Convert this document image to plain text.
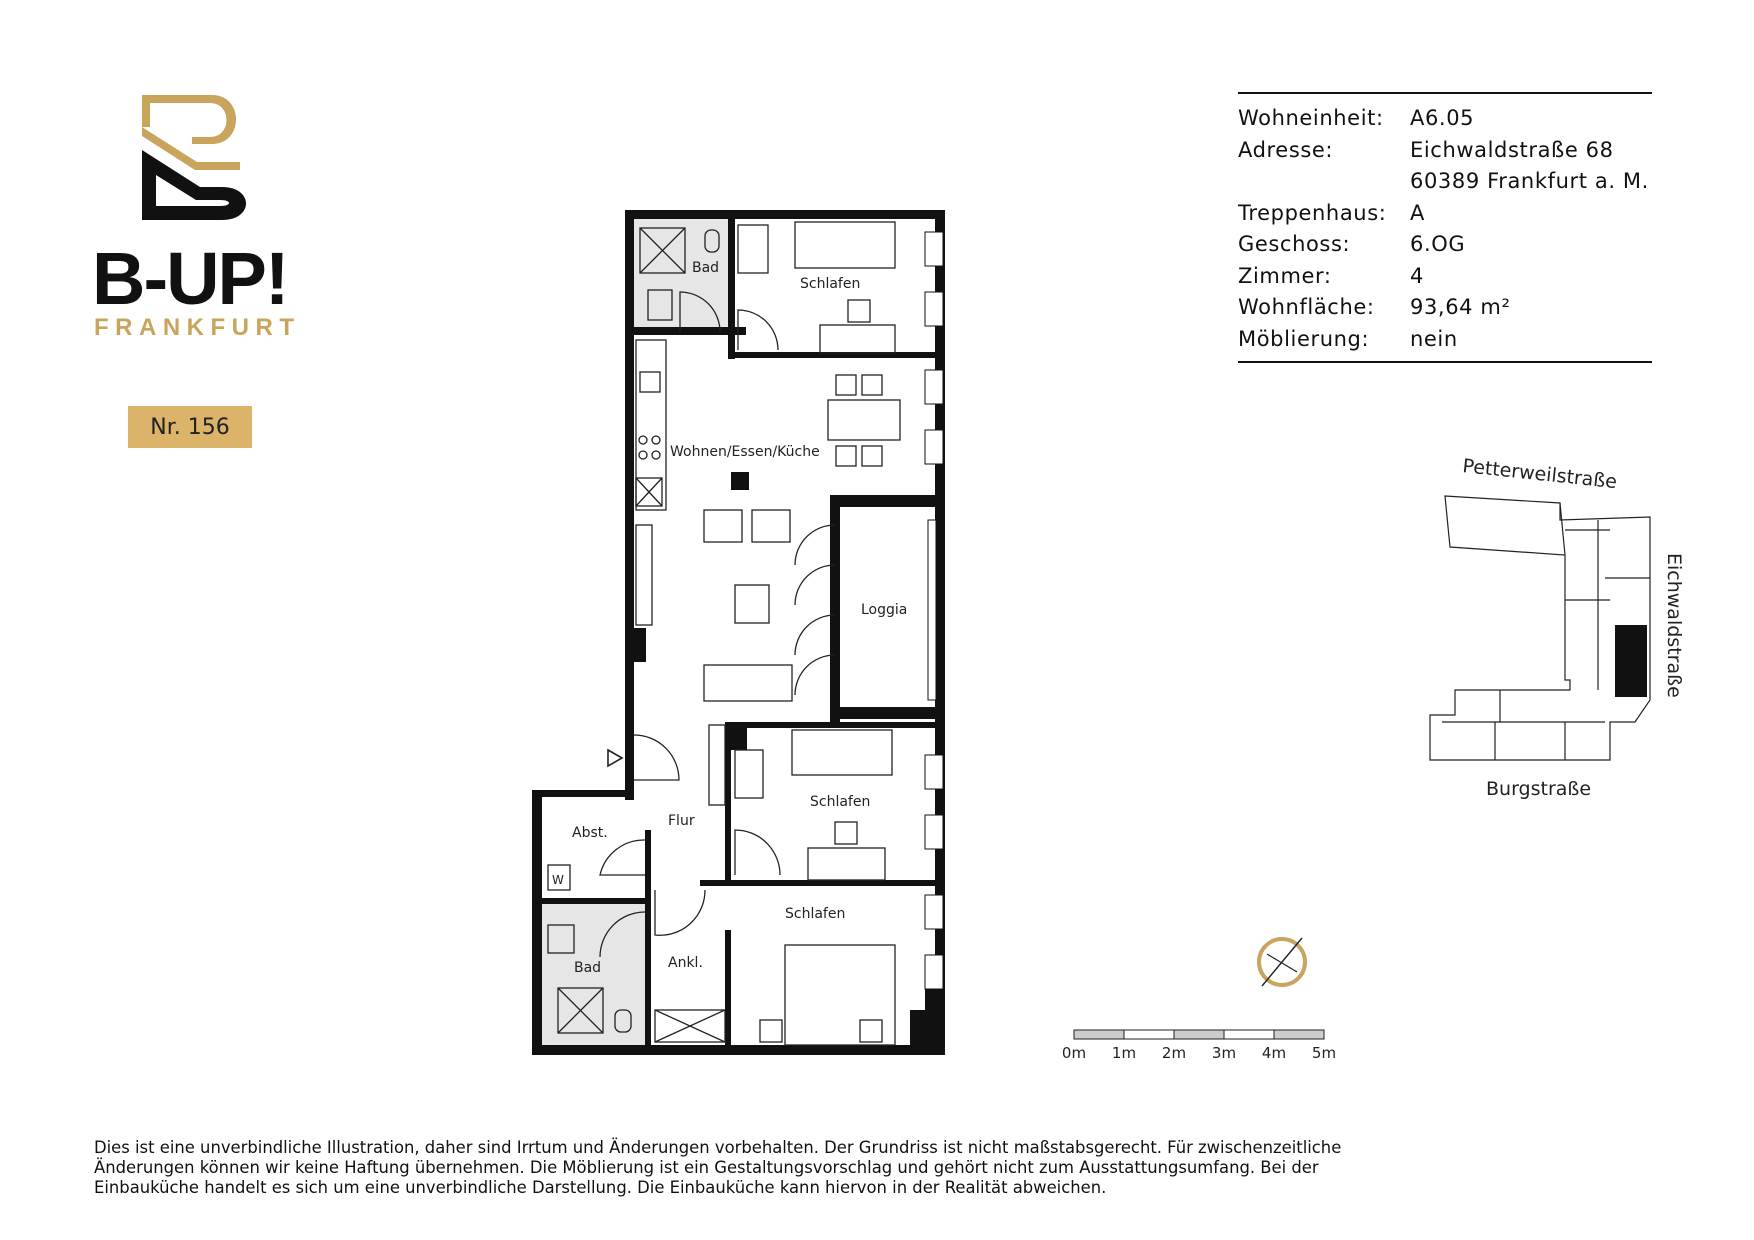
B-UP!
FRANKFURT
Nr. 156
Wohneinheit:	A6.05
Adresse:	Eichwaldstraße 68
60389 Frankfurt a. M.
Treppenhaus:	A
Geschoss:	6.OG
Zimmer:	4
Wohnfläche:	93,64 m²
Möblierung:	nein
Bad
Schlafen
Wohnen/Essen/Küche
Loggia
Flur
Schlafen
Abst.
Bad	Ankl.
Schlafen
W
Petterweilstraße
Eichwaldstraße
Burgstraße
0m 1m 2m 3m 4m 5m
Dies ist eine unverbindliche Illustration, daher sind Irrtum und Änderungen vorbehalten. Der Grundriss ist nicht maßstabsgerecht. Für zwischenzeitliche
Änderungen können wir keine Haftung übernehmen. Die Möblierung ist ein Gestaltungsvorschlag und gehört nicht zum Ausstattungsumfang. Bei der
Einbauküche handelt es sich um eine unverbindliche Darstellung. Die Einbauküche kann hiervon in der Realität abweichen.
